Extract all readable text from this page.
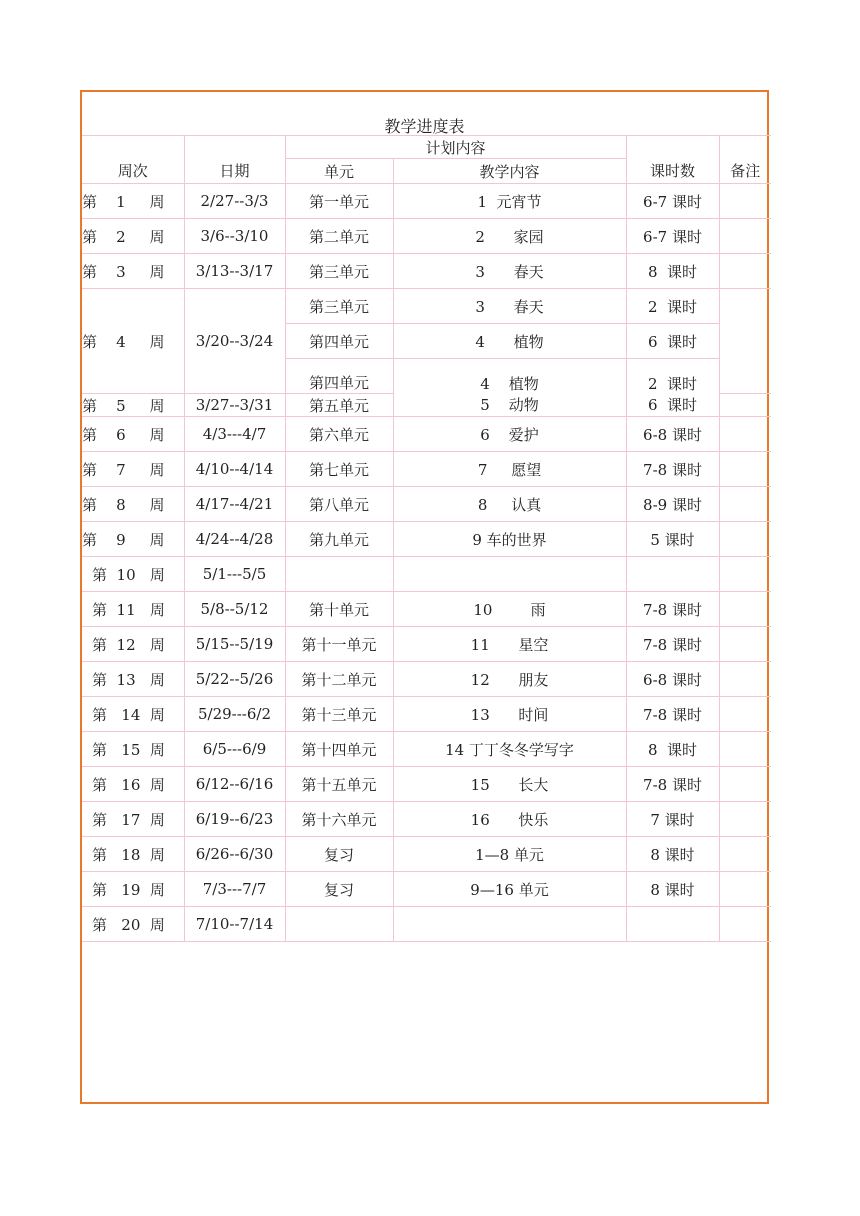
教学进度表
周次	日期	计划内容		课时数	备注
		单元	教学内容		
第    1     周	2/27--3/3	第一单元	1  元宵节	6-7 课时	
第    2     周	3/6--3/10	第二单元	2      家园	6-7 课时	
第    3     周	3/13--3/17	第三单元	3      春天	8  课时	
第    4     周	3/20--3/24	第三单元	3      春天	2  课时	
		第四单元	4      植物	6  课时	
		第四单元	4    植物	2  课时	
第    5     周	3/27--3/31	第五单元	5    动物	6  课时	
第    6     周	4/3---4/7	第六单元	6    爱护	6-8 课时	
第    7     周	4/10--4/14	第七单元	7     愿望	7-8 课时	
第    8     周	4/17--4/21	第八单元	8     认真	8-9 课时	
第    9     周	4/24--4/28	第九单元	9 车的世界	5 课时	
第  10   周	5/1---5/5				
第  11   周	5/8--5/12	第十单元	10        雨	7-8 课时	
第  12   周	5/15--5/19	第十一单元	11      星空	7-8 课时	
第  13   周	5/22--5/26	第十二单元	12      朋友	6-8 课时	
第   14  周	5/29---6/2	第十三单元	13      时间	7-8 课时	
第   15  周	6/5---6/9	第十四单元	14 丁丁冬冬学写字	8  课时	
第   16  周	6/12--6/16	第十五单元	15      长大	7-8 课时	
第   17  周	6/19--6/23	第十六单元	16      快乐	7 课时	
第   18  周	6/26--6/30	复习	1—8 单元	8 课时	
第   19  周	7/3---7/7	复习	9—16 单元	8 课时	
第   20  周	7/10--7/14				
